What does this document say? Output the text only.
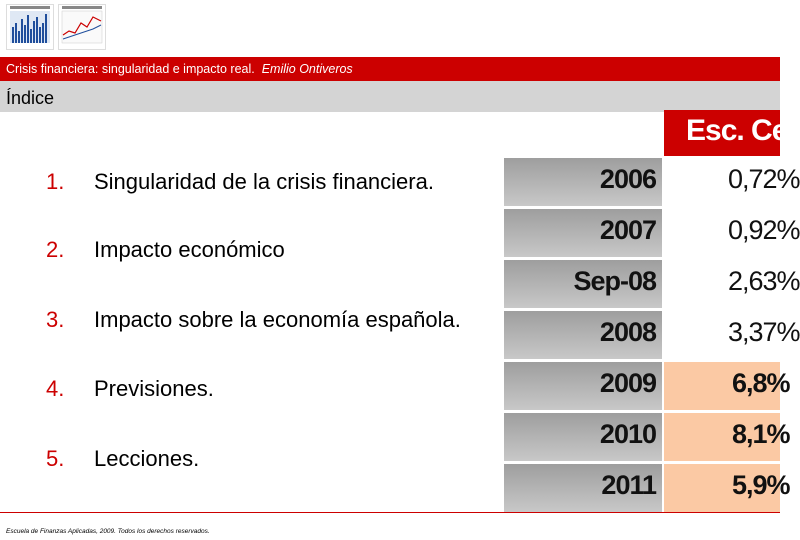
Crisis financiera: singularidad e impacto real. Emilio Ontiveros
Índice
1. Singularidad de la crisis financiera.
2. Impacto económico
3. Impacto sobre la economía española.
4. Previsiones.
5. Lecciones.
Esc. Ce
2006	0,72%
2007	0,92%
Sep-08	2,63%
2008	3,37%
2009	6,8%
2010	8,1%
2011	5,9%
Escuela de Finanzas Aplicadas, 2009. Todos los derechos reservados.
